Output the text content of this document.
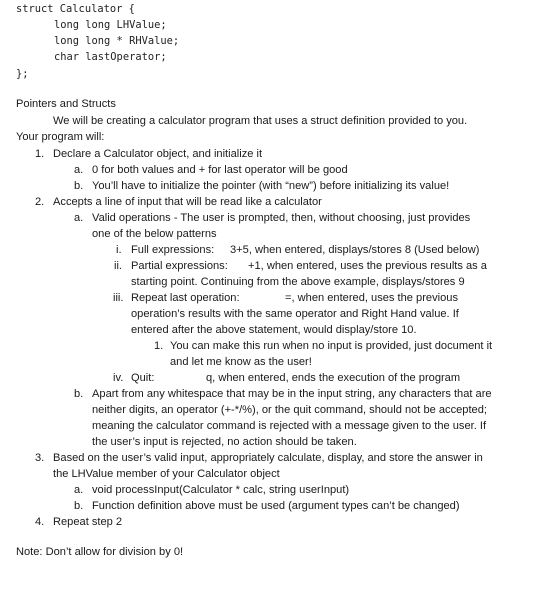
struct Calculator {
long long LHValue;
long long * RHValue;
char lastOperator;
};
Pointers and Structs
We will be creating a calculator program that uses a struct definition provided to you.
Your program will:
1. Declare a Calculator object, and initialize it
a. 0 for both values and + for last operator will be good
b. You’ll have to initialize the pointer (with “new”) before initializing its value!
2. Accepts a line of input that will be read like a calculator
a. Valid operations - The user is prompted, then, without choosing, just provides
one of the below patterns
i. Full expressions: 3+5, when entered, displays/stores 8 (Used below)
ii. Partial expressions: +1, when entered, uses the previous results as a
starting point. Continuing from the above example, displays/stores 9
iii. Repeat last operation:	=, when entered, uses the previous
operation’s results with the same operator and Right Hand value. If
entered after the above statement, would display/store 10.
1. You can make this run when no input is provided, just document it
and let me know as the user!
iv. Quit:	q, when entered, ends the execution of the program
b. Apart from any whitespace that may be in the input string, any characters that are
neither digits, an operator (+-*/%), or the quit command, should not be accepted;
meaning the calculator command is rejected with a message given to the user. If
the user’s input is rejected, no action should be taken.
3. Based on the user’s valid input, appropriately calculate, display, and store the answer in
the LHValue member of your Calculator object
a. void processInput(Calculator * calc, string userInput)
b. Function definition above must be used (argument types can’t be changed)
4. Repeat step 2
Note: Don’t allow for division by 0!
